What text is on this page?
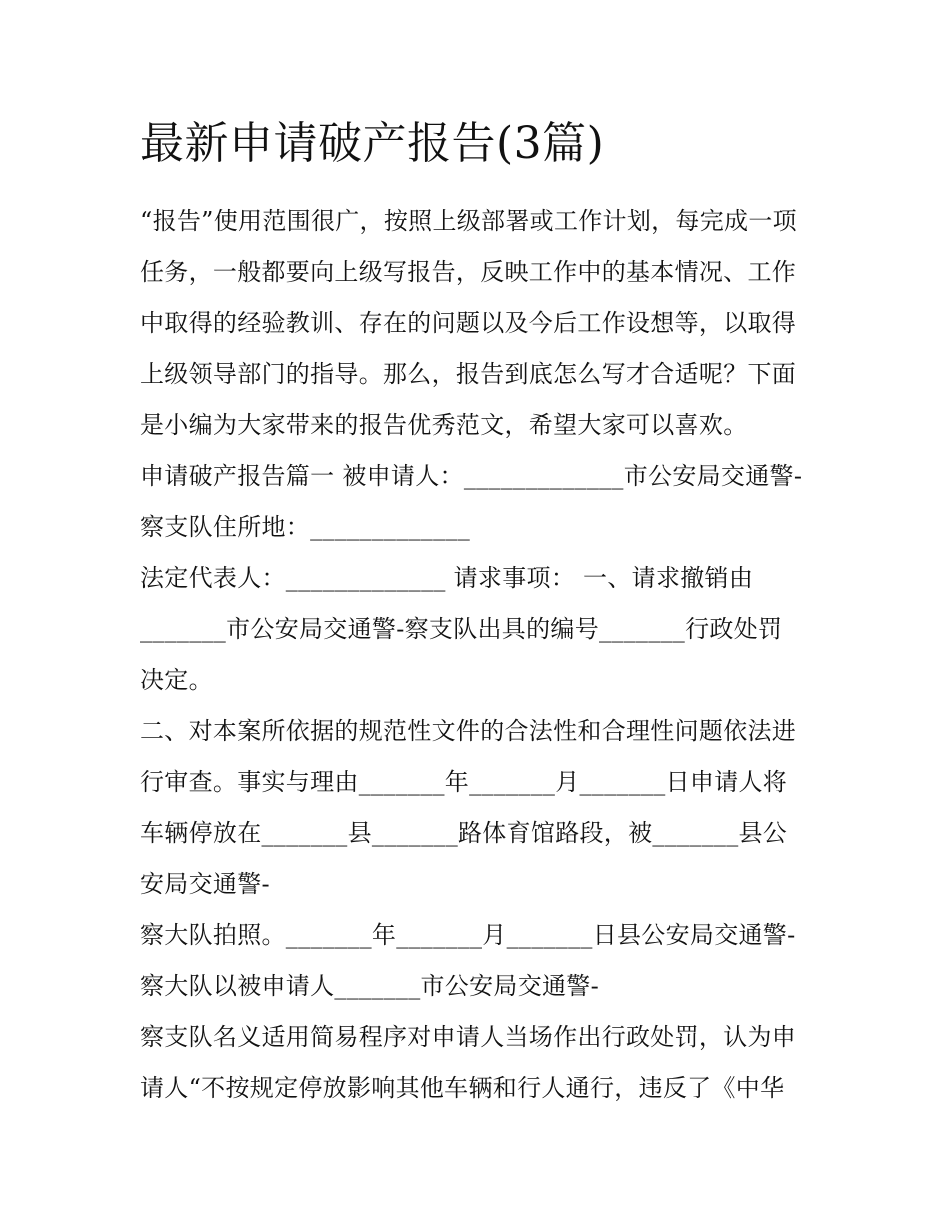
最新申请破产报告(3篇)
“报告”使用范围很广，按照上级部署或工作计划，每完成一项
任务，一般都要向上级写报告，反映工作中的基本情况、工作
中取得的经验教训、存在的问题以及今后工作设想等，以取得
上级领导部门的指导。那么，报告到底怎么写才合适呢？下面
是小编为大家带来的报告优秀范文，希望大家可以喜欢。
申请破产报告篇一 被申请人：_____________市公安局交通警-
察支队住所地：_____________
法定代表人：_____________ 请求事项： 一、请求撤销由
_______市公安局交通警-察支队出具的编号_______行政处罚
决定。
二、对本案所依据的规范性文件的合法性和合理性问题依法进
行审查。事实与理由_______年_______月_______日申请人将
车辆停放在_______县_______路体育馆路段，被_______县公
安局交通警-
察大队拍照。_______年_______月_______日县公安局交通警-
察大队以被申请人_______市公安局交通警-
察支队名义适用简易程序对申请人当场作出行政处罚，认为申
请人“不按规定停放影响其他车辆和行人通行，违反了《中华
